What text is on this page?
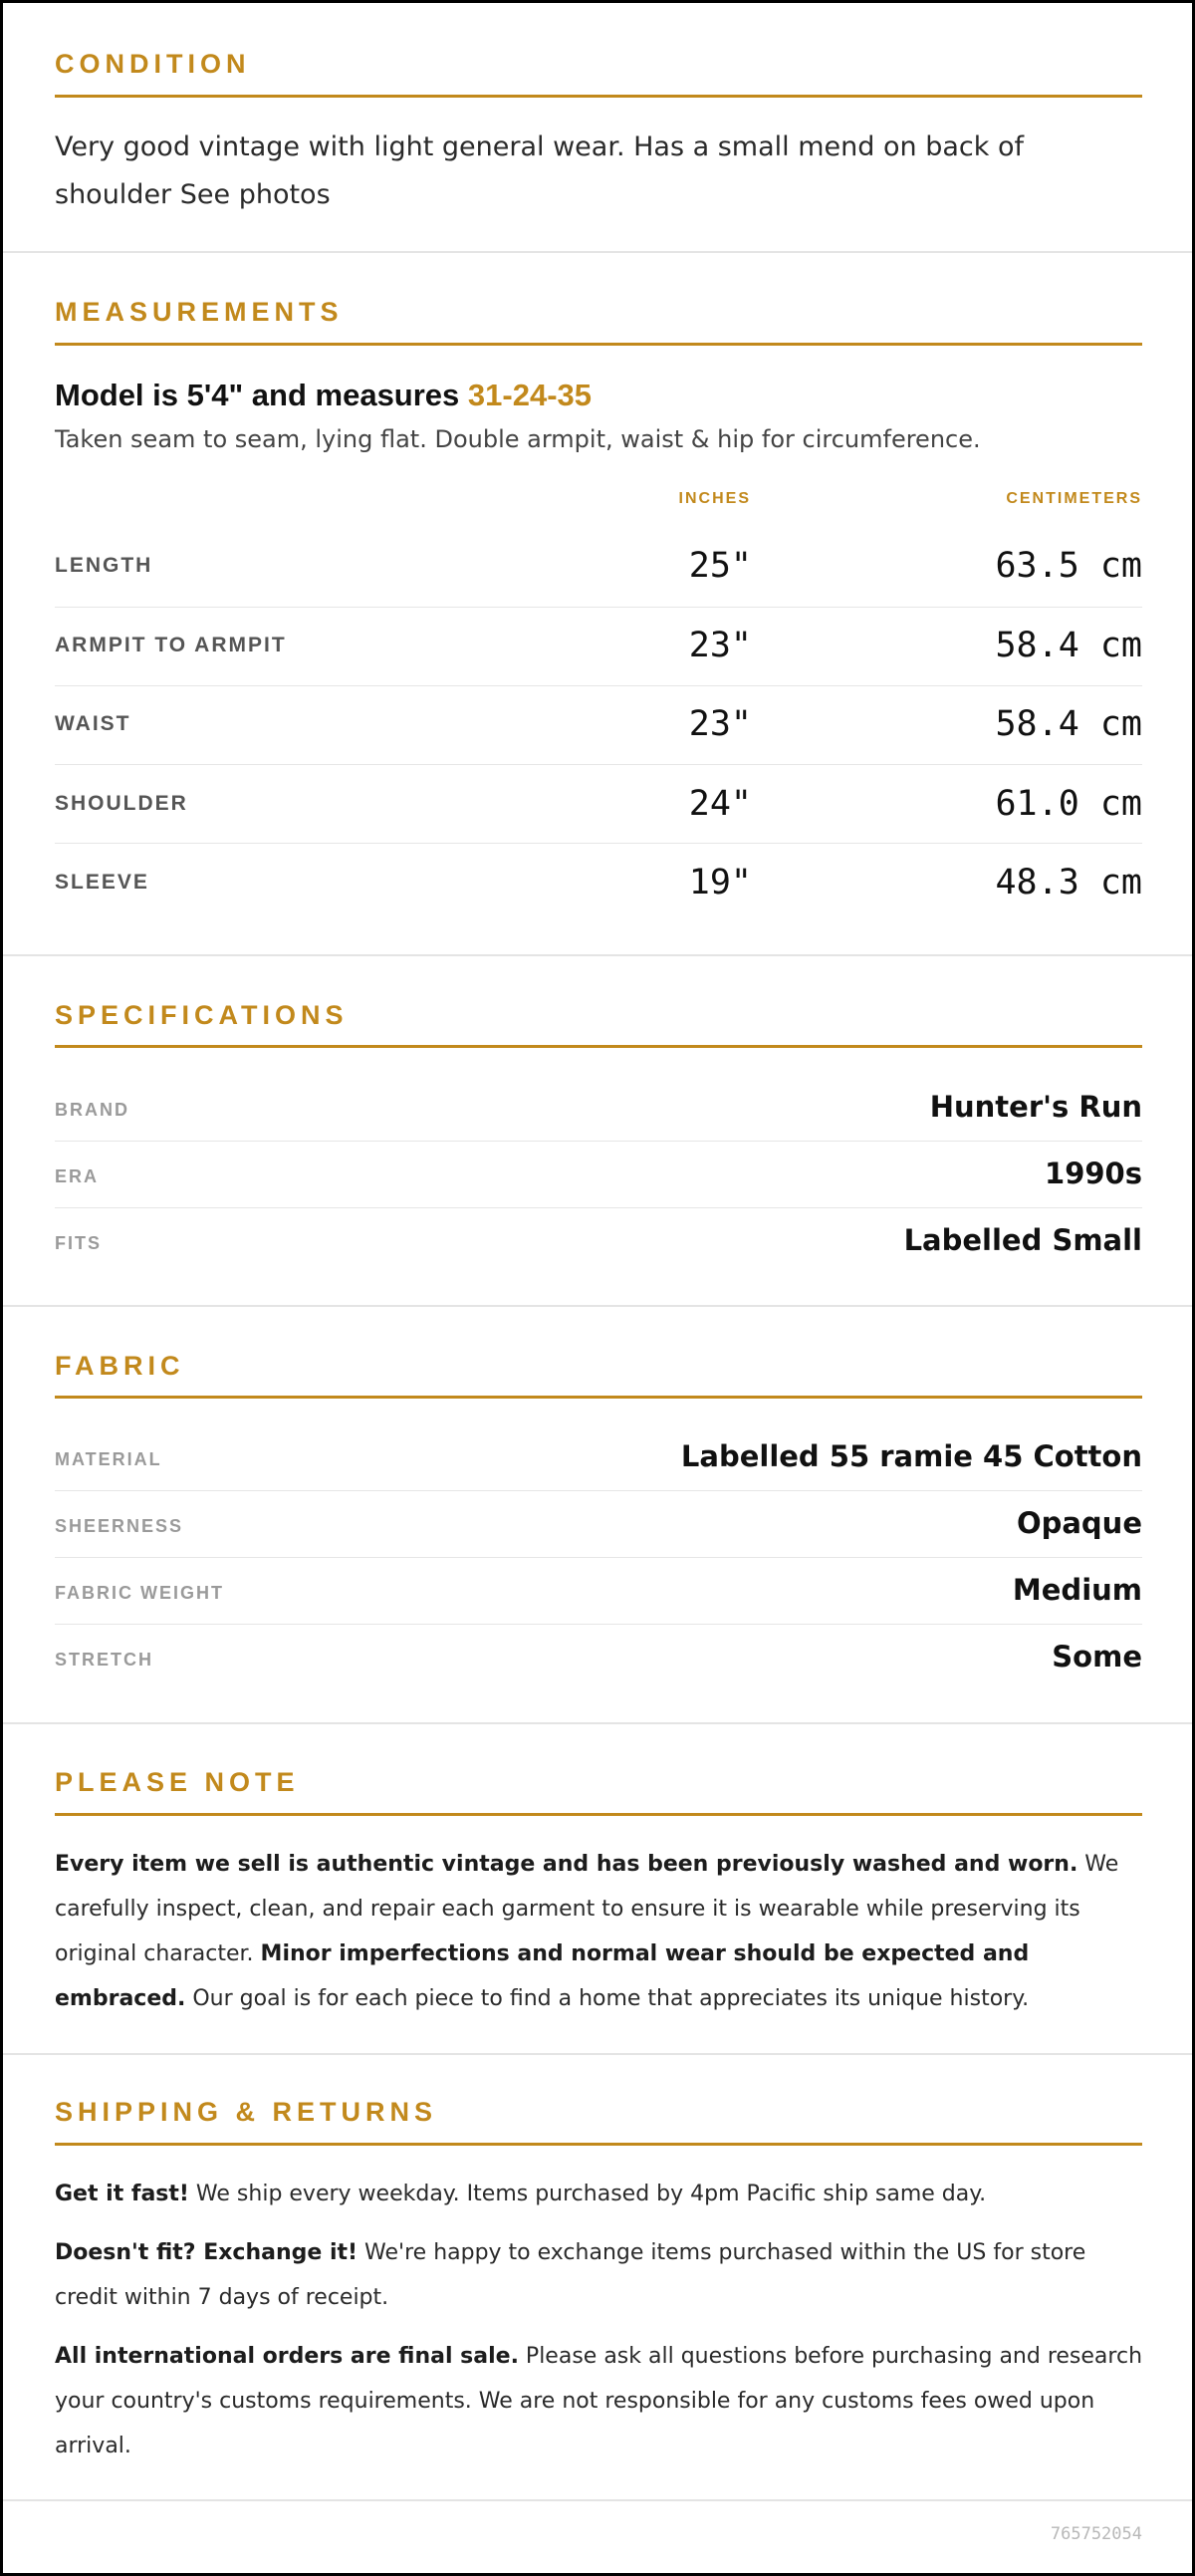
CONDITION
Very good vintage with light general wear. Has a small mend on back of shoulder See photos
MEASUREMENTS
Model is 5'4" and measures 31-24-35
Taken seam to seam, lying flat. Double armpit, waist & hip for circumference.
INCHES	CENTIMETERS
LENGTH	25"	63.5 cm
ARMPIT TO ARMPIT	23"	58.4 cm
WAIST	23"	58.4 cm
SHOULDER	24"	61.0 cm
SLEEVE	19"	48.3 cm
SPECIFICATIONS
BRAND	Hunter's Run
ERA	1990s
FITS	Labelled Small
FABRIC
MATERIAL	Labelled 55 ramie 45 Cotton
SHEERNESS	Opaque
FABRIC WEIGHT	Medium
STRETCH	Some
PLEASE NOTE
Every item we sell is authentic vintage and has been previously washed and worn. We carefully inspect, clean, and repair each garment to ensure it is wearable while preserving its original character. Minor imperfections and normal wear should be expected and embraced. Our goal is for each piece to find a home that appreciates its unique history.
SHIPPING & RETURNS
Get it fast! We ship every weekday. Items purchased by 4pm Pacific ship same day.
Doesn't fit? Exchange it! We're happy to exchange items purchased within the US for store credit within 7 days of receipt.
All international orders are final sale. Please ask all questions before purchasing and research your country's customs requirements. We are not responsible for any customs fees owed upon arrival.
765752054
